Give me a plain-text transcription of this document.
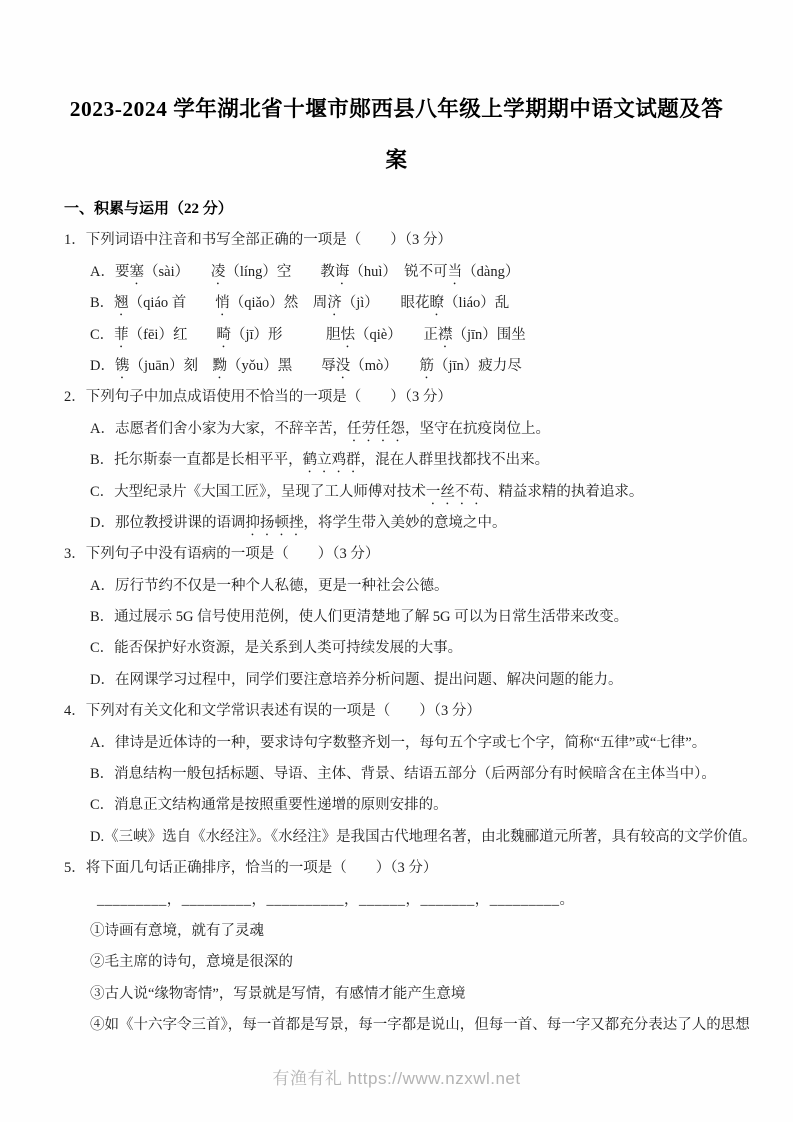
2023-2024 学年湖北省十堰市郧西县八年级上学期期中语文试题及答
案
一、积累与运用（22 分）
1．下列词语中注音和书写全部正确的一项是（　　）（3 分）
A．要塞（sài）　　凌（líng）空　　教诲（huì）　锐不可当（dàng）
B．翘（qiáo 首　　悄（qiǎo）然　周济（jì）　　眼花瞭（liáo）乱
C．菲（fēi）红　　畸（jī）形　　　胆怯（qiè）　　正襟（jīn）围坐
D．镌（juān）刻　黝（yǒu）黑　　辱没（mò）　　筋（jīn）疲力尽
2．下列句子中加点成语使用不恰当的一项是（　　）（3 分）
A．志愿者们舍小家为大家，不辞辛苦，任劳任怨，坚守在抗疫岗位上。
B．托尔斯泰一直都是长相平平，鹤立鸡群，混在人群里找都找不出来。
C．大型纪录片《大国工匠》，呈现了工人师傅对技术一丝不苟、精益求精的执着追求。
D．那位教授讲课的语调抑扬顿挫，将学生带入美妙的意境之中。
3．下列句子中没有语病的一项是（　　）（3 分）
A．厉行节约不仅是一种个人私德，更是一种社会公德。
B．通过展示 5G 信号使用范例，使人们更清楚地了解 5G 可以为日常生活带来改变。
C．能否保护好水资源，是关系到人类可持续发展的大事。
D．在网课学习过程中，同学们要注意培养分析问题、提出问题、解决问题的能力。
4．下列对有关文化和文学常识表述有误的一项是（　　）（3 分）
A．律诗是近体诗的一种，要求诗句字数整齐划一，每句五个字或七个字，简称“五律”或“七律”。
B．消息结构一般包括标题、导语、主体、背景、结语五部分（后两部分有时候暗含在主体当中）。
C．消息正文结构通常是按照重要性递增的原则安排的。
D.《三峡》选自《水经注》。《水经注》是我国古代地理名著，由北魏郦道元所著，具有较高的文学价值。
5．将下面几句话正确排序，恰当的一项是（　　）（3 分）
_________，_________，__________，______，_______，_________。
①诗画有意境，就有了灵魂
②毛主席的诗句，意境是很深的
③古人说“缘物寄情”，写景就是写情，有感情才能产生意境
④如《十六字令三首》，每一首都是写景，每一字都是说山，但每一首、每一字又都充分表达了人的思想
有渔有礼 https://www.nzxwl.net
